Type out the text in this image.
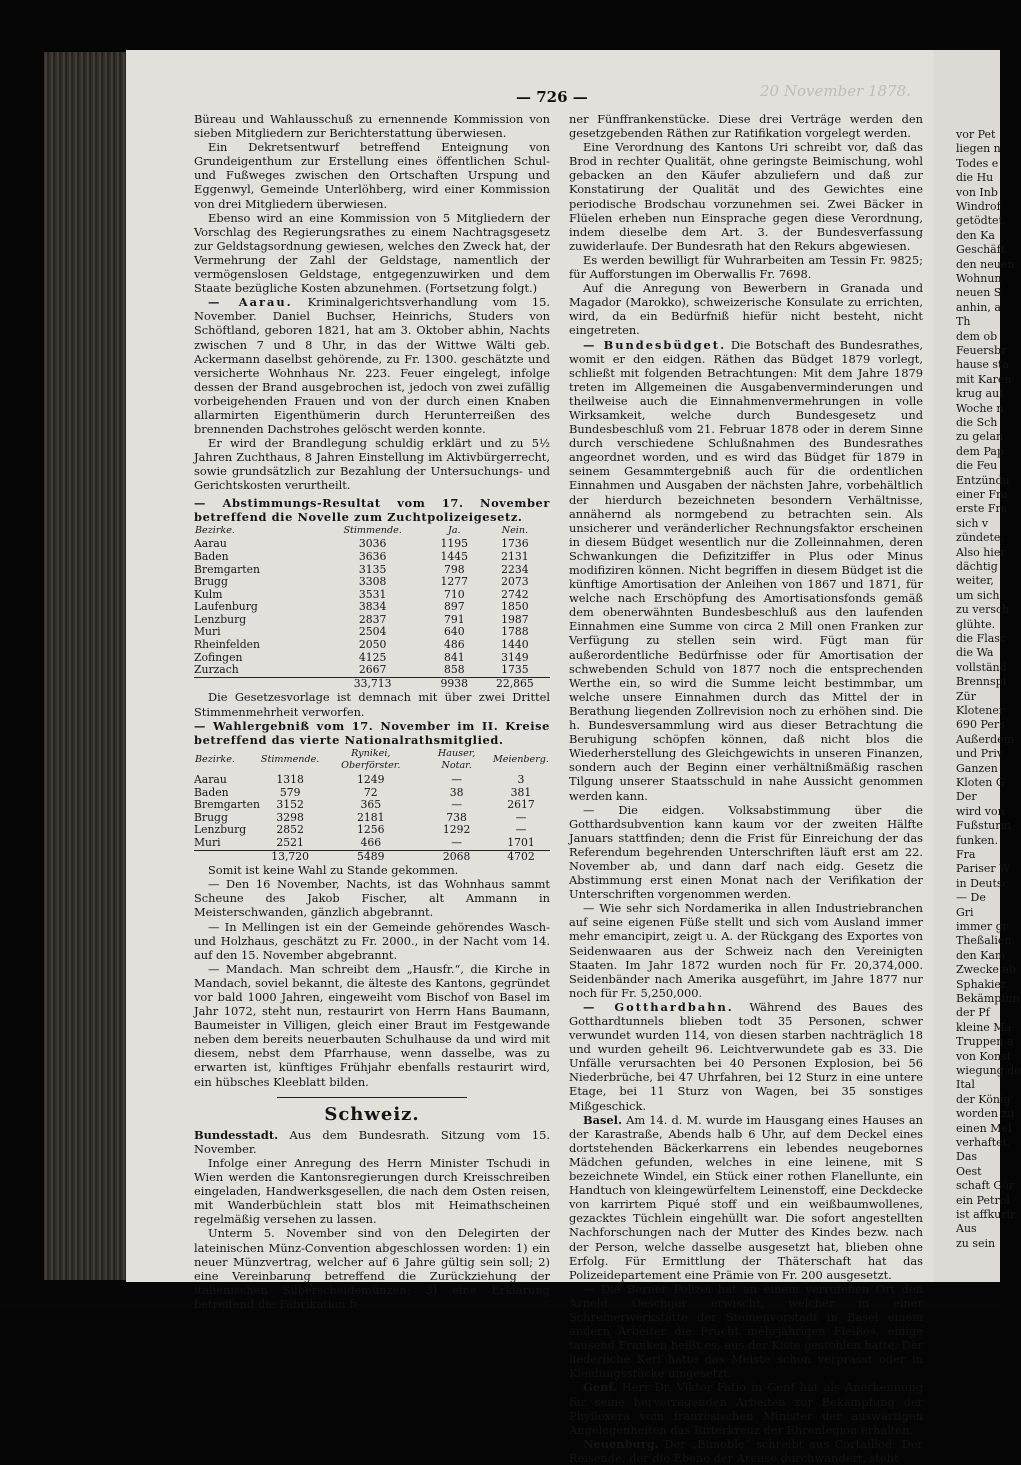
20 November 1878.
— 726 —

Büreau und Wahlausschuß zu ernennende Kommission von sieben Mitgliedern zur Berichterstattung überwiesen.

Ein Dekretsentwurf betreffend Enteignung von Grundeigenthum zur Erstellung eines öffentlichen Schul- und Fußweges zwischen den Ortschaften Urspung und Eggenwyl, Gemeinde Unterlöhberg, wird einer Kommission von drei Mitgliedern überwiesen.

Ebenso wird an eine Kommission von 5 Mitgliedern der Vorschlag des Regierungsrathes zu einem Nachtragsgesetz zur Geldstagsordnung gewiesen, welches den Zweck hat, der Vermehrung der Zahl der Geldstage, namentlich der vermögenslosen Geldstage, entgegenzuwirken und dem Staate bezügliche Kosten abzunehmen. (Fortsetzung folgt.)

— Aarau. Kriminalgerichtsverhandlung vom 15. November. Daniel Buchser, Heinrichs, Studers von Schöftland, geboren 1821, hat am 3. Oktober abhin, Nachts zwischen 7 und 8 Uhr, in das der Wittwe Wälti geb. Ackermann daselbst gehörende, zu Fr. 1300. geschätzte und versicherte Wohnhaus Nr. 223. Feuer eingelegt, infolge dessen der Brand ausgebrochen ist, jedoch von zwei zufällig vorbeigehenden Frauen und von der durch einen Knaben allarmirten Eigenthümerin durch Herunterreißen des brennenden Dachstrohes gelöscht werden konnte.

Er wird der Brandlegung schuldig erklärt und zu 5½ Jahren Zuchthaus, 8 Jahren Einstellung im Aktivbürgerrecht, sowie grundsätzlich zur Bezahlung der Untersuchungs- und Gerichtskosten verurtheilt.

— Abstimmungs-Resultat vom 17. November betreffend die Novelle zum Zuchtpolizeigesetz.

Bezirke.	Stimmende.	Ja.	Nein.
Aarau	3036	1195	1736
Baden	3636	1445	2131
Bremgarten	3135	798	2234
Brugg	3308	1277	2073
Kulm	3531	710	2742
Laufenburg	3834	897	1850
Lenzburg	2837	791	1987
Muri	2504	640	1788
Rheinfelden	2050	486	1440
Zofingen	4125	841	3149
Zurzach	2667	858	1735
	33,713	9938	22,865

Die Gesetzesvorlage ist demnach mit über zwei Drittel Stimmenmehrheit verworfen.

— Wahlergebniß vom 17. November im II. Kreise betreffend das vierte Nationalrathsmitglied.

Bezirke.	Stimmende.	Rynikei, Oberförster.	Hauser, Notar.	Meienberg.
Aarau	1318	1249	—	3
Baden	579	72	38	381
Bremgarten	3152	365	—	2617
Brugg	3298	2181	738	—
Lenzburg	2852	1256	1292	—
Muri	2521	466	—	1701
	13,720	5489	2068	4702

Somit ist keine Wahl zu Stande gekommen.

— Den 16 November, Nachts, ist das Wohnhaus sammt Scheune des Jakob Fischer, alt Ammann in Meisterschwanden, gänzlich abgebrannt.

— In Mellingen ist ein der Gemeinde gehörendes Wasch- und Holzhaus, geschätzt zu Fr. 2000., in der Nacht vom 14. auf den 15. November abgebrannt.

— Mandach. Man schreibt dem „Hausfr.“, die Kirche in Mandach, soviel bekannt, die älteste des Kantons, gegründet vor bald 1000 Jahren, eingeweiht vom Bischof von Basel im Jahr 1072, steht nun, restaurirt von Herrn Hans Baumann, Baumeister in Villigen, gleich einer Braut im Festgewande neben dem bereits neuerbauten Schulhause da und wird mit diesem, nebst dem Pfarrhause, wenn dasselbe, was zu erwarten ist, künftiges Frühjahr ebenfalls restaurirt wird, ein hübsches Kleeblatt bilden.

Schweiz.

Bundesstadt. Aus dem Bundesrath. Sitzung vom 15. November.

Infolge einer Anregung des Herrn Minister Tschudi in Wien werden die Kantonsregierungen durch Kreisschreiben eingeladen, Handwerksgesellen, die nach dem Osten reisen, mit Wanderbüchlein statt blos mit Heimathscheinen regelmäßig versehen zu lassen.

Unterm 5. November sind von den Delegirten der lateinischen Münz-Convention abgeschlossen worden: 1) ein neuer Münzvertrag, welcher auf 6 Jahre gültig sein soll; 2) eine Vereinbarung betreffend die Zurückziehung der italienischen Silberscheidemünzen; 3) eine Erklärung betreffend die Fabrikation fi-

ner Fünffrankenstücke. Diese drei Verträge werden den gesetzgebenden Räthen zur Ratifikation vorgelegt werden.

Eine Verordnung des Kantons Uri schreibt vor, daß das Brod in rechter Qualität, ohne geringste Beimischung, wohl gebacken an den Käufer abzuliefern und daß zur Konstatirung der Qualität und des Gewichtes eine periodische Brodschau vorzunehmen sei. Zwei Bäcker in Flüelen erheben nun Einsprache gegen diese Verordnung, indem dieselbe dem Art. 3. der Bundesverfassung zuwiderlaufe. Der Bundesrath hat den Rekurs abgewiesen.

Es werden bewilligt für Wuhrarbeiten am Tessin Fr. 9825; für Aufforstungen im Oberwallis Fr. 7698.

Auf die Anregung von Bewerbern in Granada und Magador (Marokko), schweizerische Konsulate zu errichten, wird, da ein Bedürfniß hiefür nicht besteht, nicht eingetreten.

— Bundesbüdget. Die Botschaft des Bundesrathes, womit er den eidgen. Räthen das Büdget 1879 vorlegt, schließt mit folgenden Betrachtungen: Mit dem Jahre 1879 treten im Allgemeinen die Ausgabenverminderungen und theilweise auch die Einnahmenvermehrungen in volle Wirksamkeit, welche durch Bundesgesetz und Bundesbeschluß vom 21. Februar 1878 oder in derem Sinne durch verschiedene Schlußnahmen des Bundesrathes angeordnet worden, und es wird das Büdget für 1879 in seinem Gesammtergebniß auch für die ordentlichen Einnahmen und Ausgaben der nächsten Jahre, vorbehältlich der hierdurch bezeichneten besondern Verhältnisse, annähernd als normgebend zu betrachten sein. Als unsicherer und veränderlicher Rechnungsfaktor erscheinen in diesem Büdget wesentlich nur die Zolleinnahmen, deren Schwankungen die Defizitziffer in Plus oder Minus modifiziren können. Nicht begriffen in diesem Büdget ist die künftige Amortisation der Anleihen von 1867 und 1871, für welche nach Erschöpfung des Amortisationsfonds gemäß dem obenerwähnten Bundesbeschluß aus den laufenden Einnahmen eine Summe von circa 2 Mill onen Franken zur Verfügung zu stellen sein wird. Fügt man für außerordentliche Bedürfnisse oder für Amortisation der schwebenden Schuld von 1877 noch die entsprechenden Werthe ein, so wird die Summe leicht bestimmbar, um welche unsere Einnahmen durch das Mittel der in Berathung liegenden Zollrevision noch zu erhöhen sind. Die h. Bundesversammlung wird aus dieser Betrachtung die Beruhigung schöpfen können, daß nicht blos die Wiederherstellung des Gleichgewichts in unseren Finanzen, sondern auch der Beginn einer verhältnißmäßig raschen Tilgung unserer Staatsschuld in nahe Aussicht genommen werden kann.

— Die eidgen. Volksabstimmung über die Gotthardsubvention kann kaum vor der zweiten Hälfte Januars stattfinden; denn die Frist für Einreichung der das Referendum begehrenden Unterschriften läuft erst am 22. November ab, und dann darf nach eidg. Gesetz die Abstimmung erst einen Monat nach der Verifikation der Unterschriften vorgenommen werden.

— Wie sehr sich Nordamerika in allen Industriebranchen auf seine eigenen Füße stellt und sich vom Ausland immer mehr emancipirt, zeigt u. A. der Rückgang des Exportes von Seidenwaaren aus der Schweiz nach den Vereinigten Staaten. Im Jahr 1872 wurden noch für Fr. 20,374,000. Seidenbänder nach Amerika ausgeführt, im Jahre 1877 nur noch für Fr. 5,250,000.

— Gotthardbahn. Während des Baues des Gotthardtunnels blieben todt 35 Personen, schwer verwundet wurden 114, von diesen starben nachträglich 18 und wurden geheilt 96. Leichtverwundete gab es 33. Die Unfälle verursachten bei 40 Personen Explosion, bei 56 Niederbrüche, bei 47 Uhrfahren, bei 12 Sturz in eine untere Etage, bei 11 Sturz von Wagen, bei 35 sonstiges Mißgeschick.

Basel. Am 14. d. M. wurde im Hausgang eines Hauses an der Karastraße, Abends halb 6 Uhr, auf dem Deckel eines dortstehenden Bäckerkarrens ein lebendes neugebornes Mädchen gefunden, welches in eine leinene, mit S bezeichnete Windel, ein Stück einer rothen Flanellunte, ein Handtuch von kleingewürfeltem Leinenstoff, eine Deckdecke von karrirtem Piqué stoff und ein weißbaumwollenes, gezacktes Tüchlein eingehüllt war. Die sofort angestellten Nachforschungen nach der Mutter des Kindes bezw. nach der Person, welche dasselbe ausgesetzt hat, blieben ohne Erfolg. Für Ermittlung der Thäterschaft hat das Polizeidepartement eine Prämie von Fr. 200 ausgesetzt.

— Die Berner Polizei hat an einem verrufenen Ort den Arnold Oeschger erwischt, welcher in einer Schreinerwerkstätte der Steinenvorstadt in Basel einem andern Arbeiter die Frucht mehrjährigen Fleißes, einige tausend Franken heißt es, aus der Kiste gestohlen hatte. Der liederliche Kerl hatte das Meiste schon verprasst oder in Kleidungsstücke umgesetzt.

Genf. Herr Dr. Viktor Fatio in Genf hat als Anerkennung für seine hervorragenden Arbeiten zur Bekämpfung der Phylloxera vom französischen Minister der auswärtigen Angelegenheiten das Ritterkreuz der Ehrenlegion erhalten.

Neuenburg. Der „Bimoble“ schreibt aus Cortaillod: Der Reisende, der die Ebene der Areuse durchwandert, steht

vor Pet
liegen n
Todes e
die Hu
von Inb
Windrof
getödtet.
den Ka
Geschäft
den neuen
Wohnun
neuen S
anhin, a
Th
dem ob
Feuersbr
hause sta
mit Karen
krug auf
Woche n
die Sch
zu gelan
dem Pap
die Feu
Entzündu
einer Fra
erste Fra
sich v
zündete.
Also hier
dächtig
weiter,
um sich
zu versch
glühte.
die Flasc
die Wa
vollständ
Brennspi
Zür
Klotener
690 Pers
Außerdem
und Priv
Ganzen
Kloten G
Der
wird von
Fußsturm
funken.
Fra
Pariser W
in Deutsc
— De
Gri
immer gr
Theßalien
den Kam
Zwecke ab
Sphakier
Bekämpfun
der Pf
kleine Ma
Truppen a
von Konst
wiegung de
Ital
der König
worden zu
einen Mel
verhaftet.
Das
Oest
schaft Gör
ein Petrol
ist affkurir
Aus
zu sein
